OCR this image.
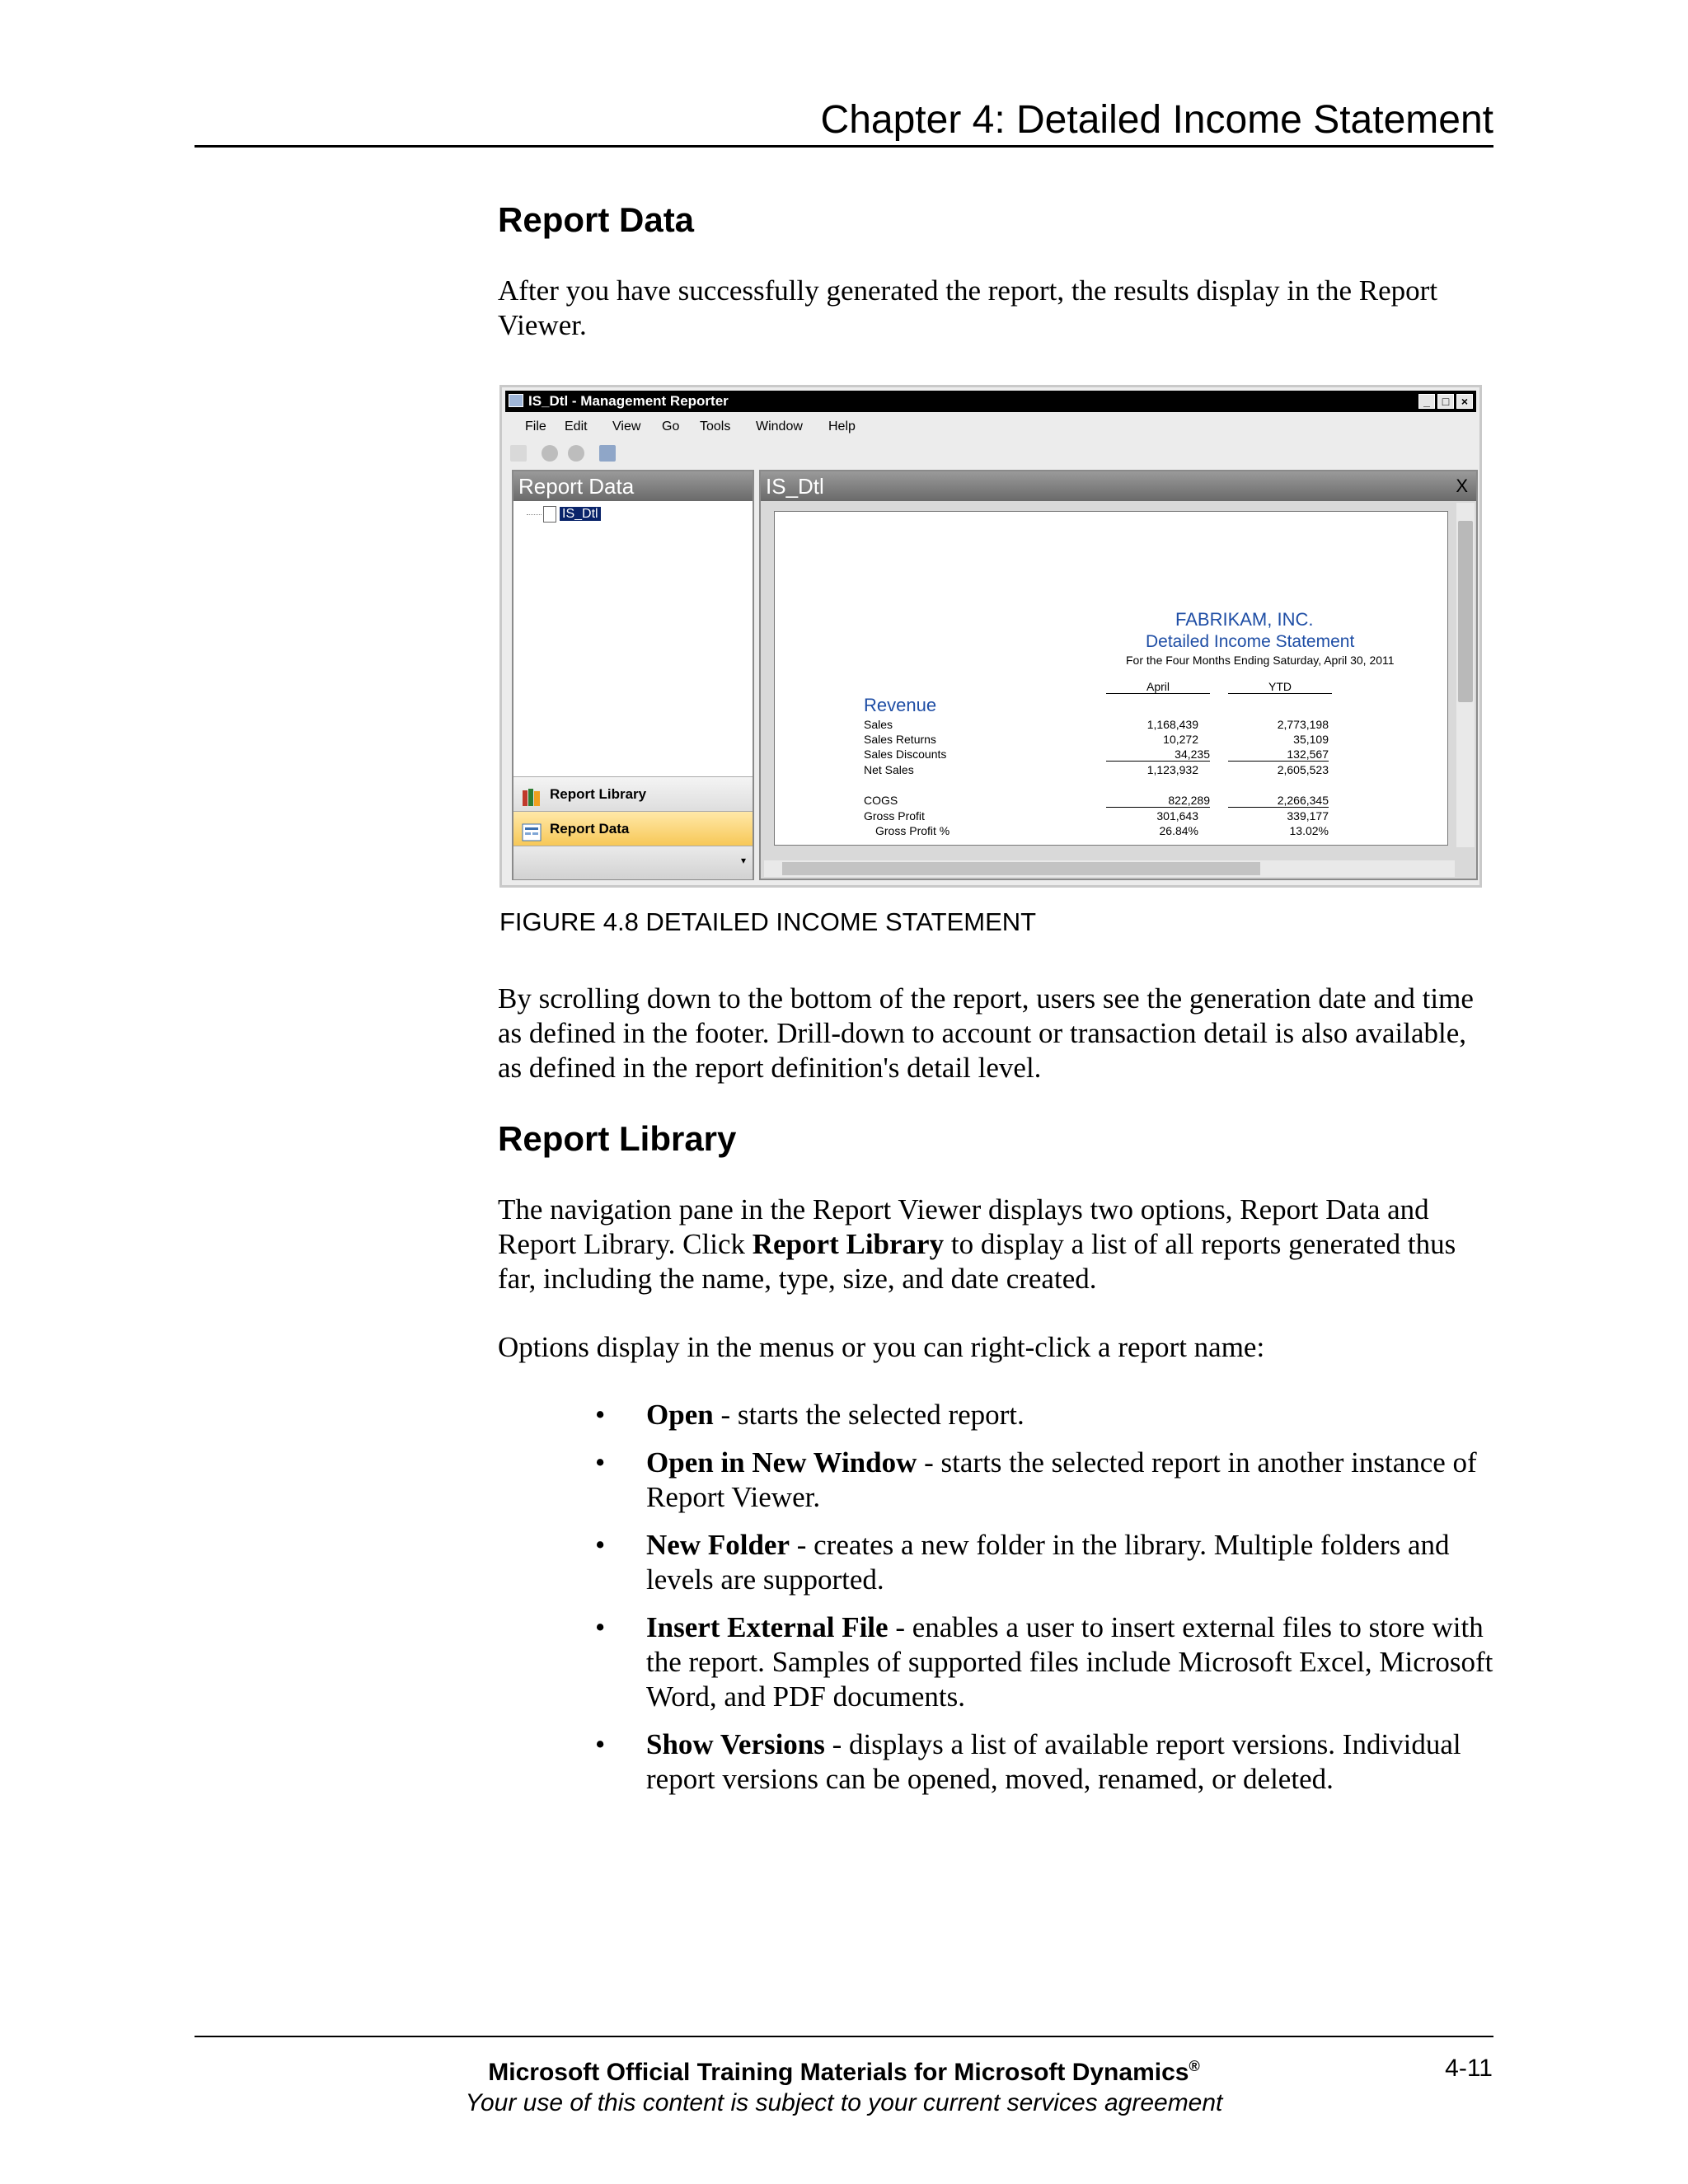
Chapter 4: Detailed Income Statement
Report Data
After you have successfully generated the report, the results display in the Report Viewer.
IS_Dtl - Management Reporter	_	□	×
File Edit View Go Tools Window Help
Report Data
IS_Dtl
Report Library
Report Data
▾
IS_Dtl	X
FABRIKAM, INC.
Detailed Income Statement
For the Four Months Ending Saturday, April 30, 2011
April	YTD
Revenue
Sales	1,168,439	2,773,198
Sales Returns	10,272	35,109
Sales Discounts	34,235	132,567
Net Sales	1,123,932	2,605,523
COGS	822,289	2,266,345
Gross Profit	301,643	339,177
Gross Profit %	26.84%	13.02%
FIGURE 4.8 DETAILED INCOME STATEMENT
By scrolling down to the bottom of the report, users see the generation date and time as defined in the footer. Drill-down to account or transaction detail is also available, as defined in the report definition's detail level.
Report Library
The navigation pane in the Report Viewer displays two options, Report Data and Report Library. Click Report Library to display a list of all reports generated thus far, including the name, type, size, and date created.
Options display in the menus or you can right-click a report name:
• Open - starts the selected report.
• Open in New Window - starts the selected report in another instance of Report Viewer.
• New Folder - creates a new folder in the library. Multiple folders and levels are supported.
• Insert External File - enables a user to insert external files to store with the report. Samples of supported files include Microsoft Excel, Microsoft Word, and PDF documents.
• Show Versions - displays a list of available report versions. Individual report versions can be opened, moved, renamed, or deleted.
Microsoft Official Training Materials for Microsoft Dynamics®
Your use of this content is subject to your current services agreement
4-11
